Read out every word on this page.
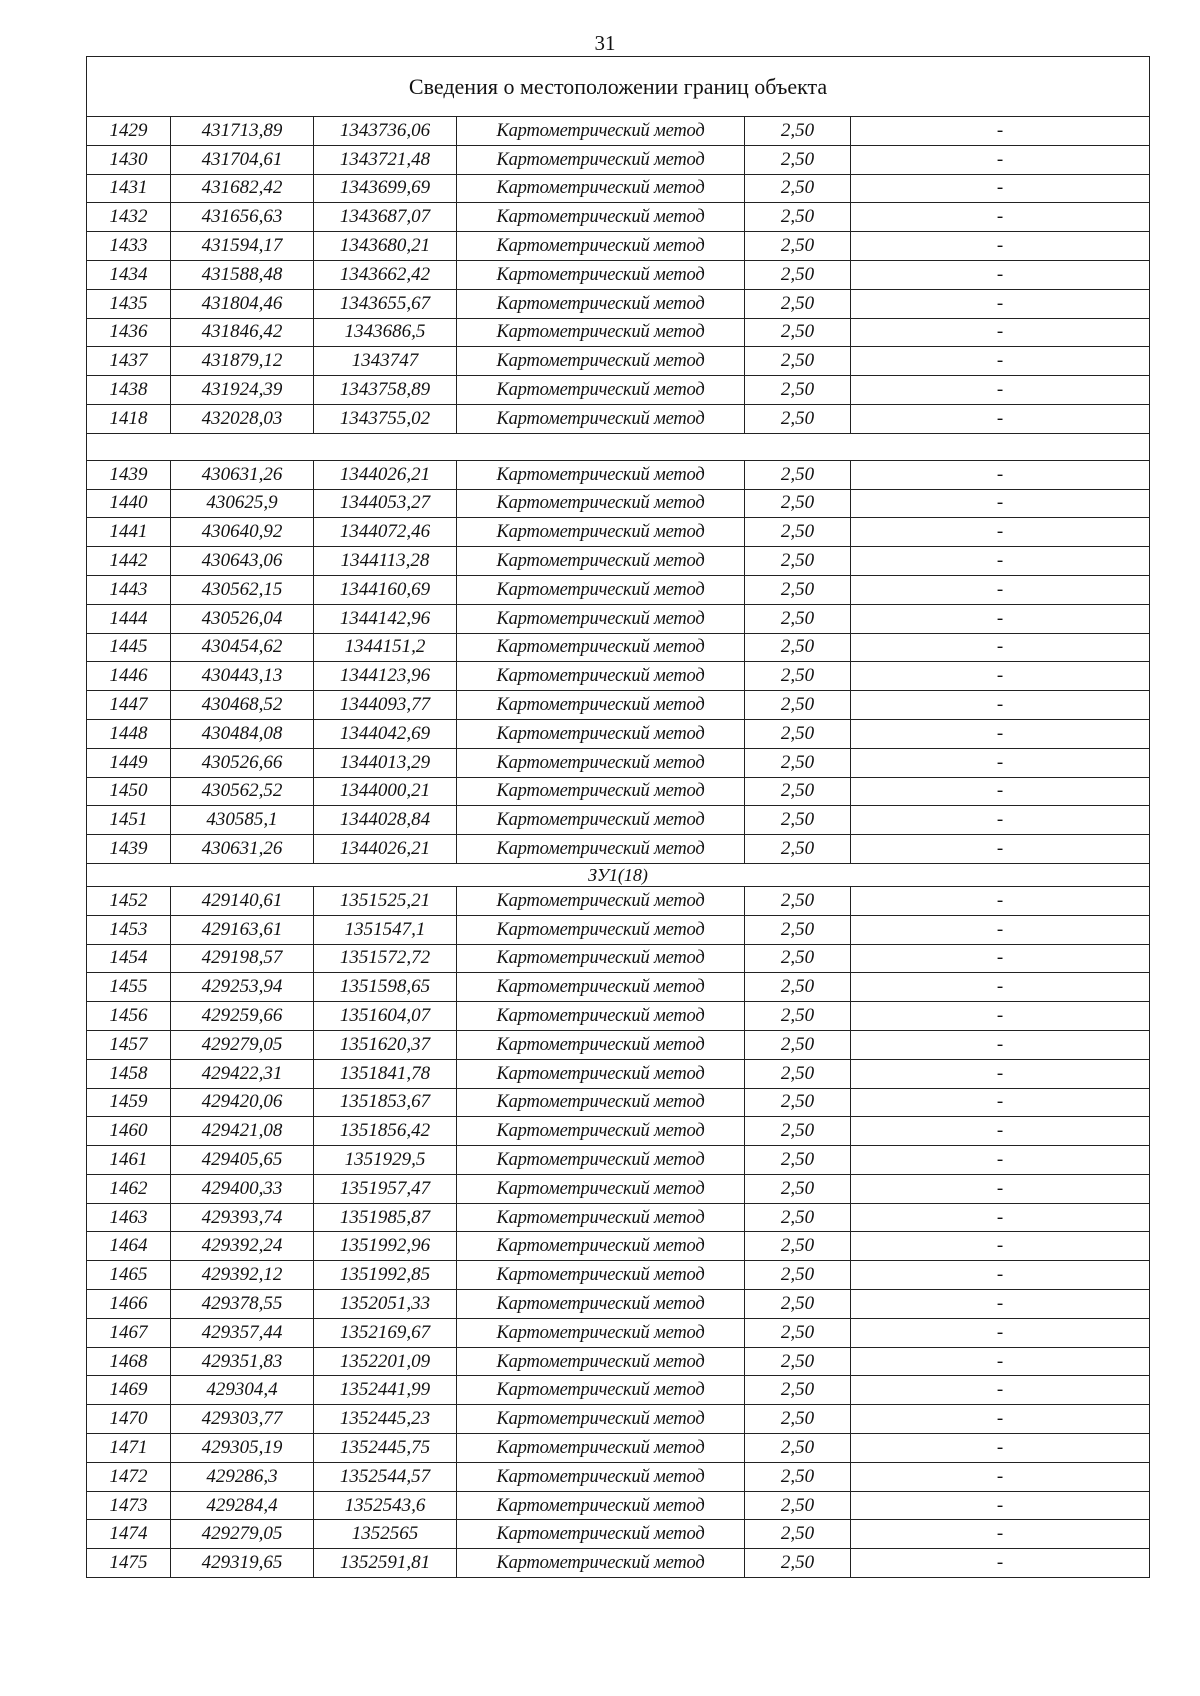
31
Сведения о местоположении границ объекта					
1429	431713,89	1343736,06	Картометрический метод	2,50	-
1430	431704,61	1343721,48	Картометрический метод	2,50	-
1431	431682,42	1343699,69	Картометрический метод	2,50	-
1432	431656,63	1343687,07	Картометрический метод	2,50	-
1433	431594,17	1343680,21	Картометрический метод	2,50	-
1434	431588,48	1343662,42	Картометрический метод	2,50	-
1435	431804,46	1343655,67	Картометрический метод	2,50	-
1436	431846,42	1343686,5	Картометрический метод	2,50	-
1437	431879,12	1343747	Картометрический метод	2,50	-
1438	431924,39	1343758,89	Картометрический метод	2,50	-
1418	432028,03	1343755,02	Картометрический метод	2,50	-

1439	430631,26	1344026,21	Картометрический метод	2,50	-
1440	430625,9	1344053,27	Картометрический метод	2,50	-
1441	430640,92	1344072,46	Картометрический метод	2,50	-
1442	430643,06	1344113,28	Картометрический метод	2,50	-
1443	430562,15	1344160,69	Картометрический метод	2,50	-
1444	430526,04	1344142,96	Картометрический метод	2,50	-
1445	430454,62	1344151,2	Картометрический метод	2,50	-
1446	430443,13	1344123,96	Картометрический метод	2,50	-
1447	430468,52	1344093,77	Картометрический метод	2,50	-
1448	430484,08	1344042,69	Картометрический метод	2,50	-
1449	430526,66	1344013,29	Картометрический метод	2,50	-
1450	430562,52	1344000,21	Картометрический метод	2,50	-
1451	430585,1	1344028,84	Картометрический метод	2,50	-
1439	430631,26	1344026,21	Картометрический метод	2,50	-
ЗУ1(18)					
1452	429140,61	1351525,21	Картометрический метод	2,50	-
1453	429163,61	1351547,1	Картометрический метод	2,50	-
1454	429198,57	1351572,72	Картометрический метод	2,50	-
1455	429253,94	1351598,65	Картометрический метод	2,50	-
1456	429259,66	1351604,07	Картометрический метод	2,50	-
1457	429279,05	1351620,37	Картометрический метод	2,50	-
1458	429422,31	1351841,78	Картометрический метод	2,50	-
1459	429420,06	1351853,67	Картометрический метод	2,50	-
1460	429421,08	1351856,42	Картометрический метод	2,50	-
1461	429405,65	1351929,5	Картометрический метод	2,50	-
1462	429400,33	1351957,47	Картометрический метод	2,50	-
1463	429393,74	1351985,87	Картометрический метод	2,50	-
1464	429392,24	1351992,96	Картометрический метод	2,50	-
1465	429392,12	1351992,85	Картометрический метод	2,50	-
1466	429378,55	1352051,33	Картометрический метод	2,50	-
1467	429357,44	1352169,67	Картометрический метод	2,50	-
1468	429351,83	1352201,09	Картометрический метод	2,50	-
1469	429304,4	1352441,99	Картометрический метод	2,50	-
1470	429303,77	1352445,23	Картометрический метод	2,50	-
1471	429305,19	1352445,75	Картометрический метод	2,50	-
1472	429286,3	1352544,57	Картометрический метод	2,50	-
1473	429284,4	1352543,6	Картометрический метод	2,50	-
1474	429279,05	1352565	Картометрический метод	2,50	-
1475	429319,65	1352591,81	Картометрический метод	2,50	-
